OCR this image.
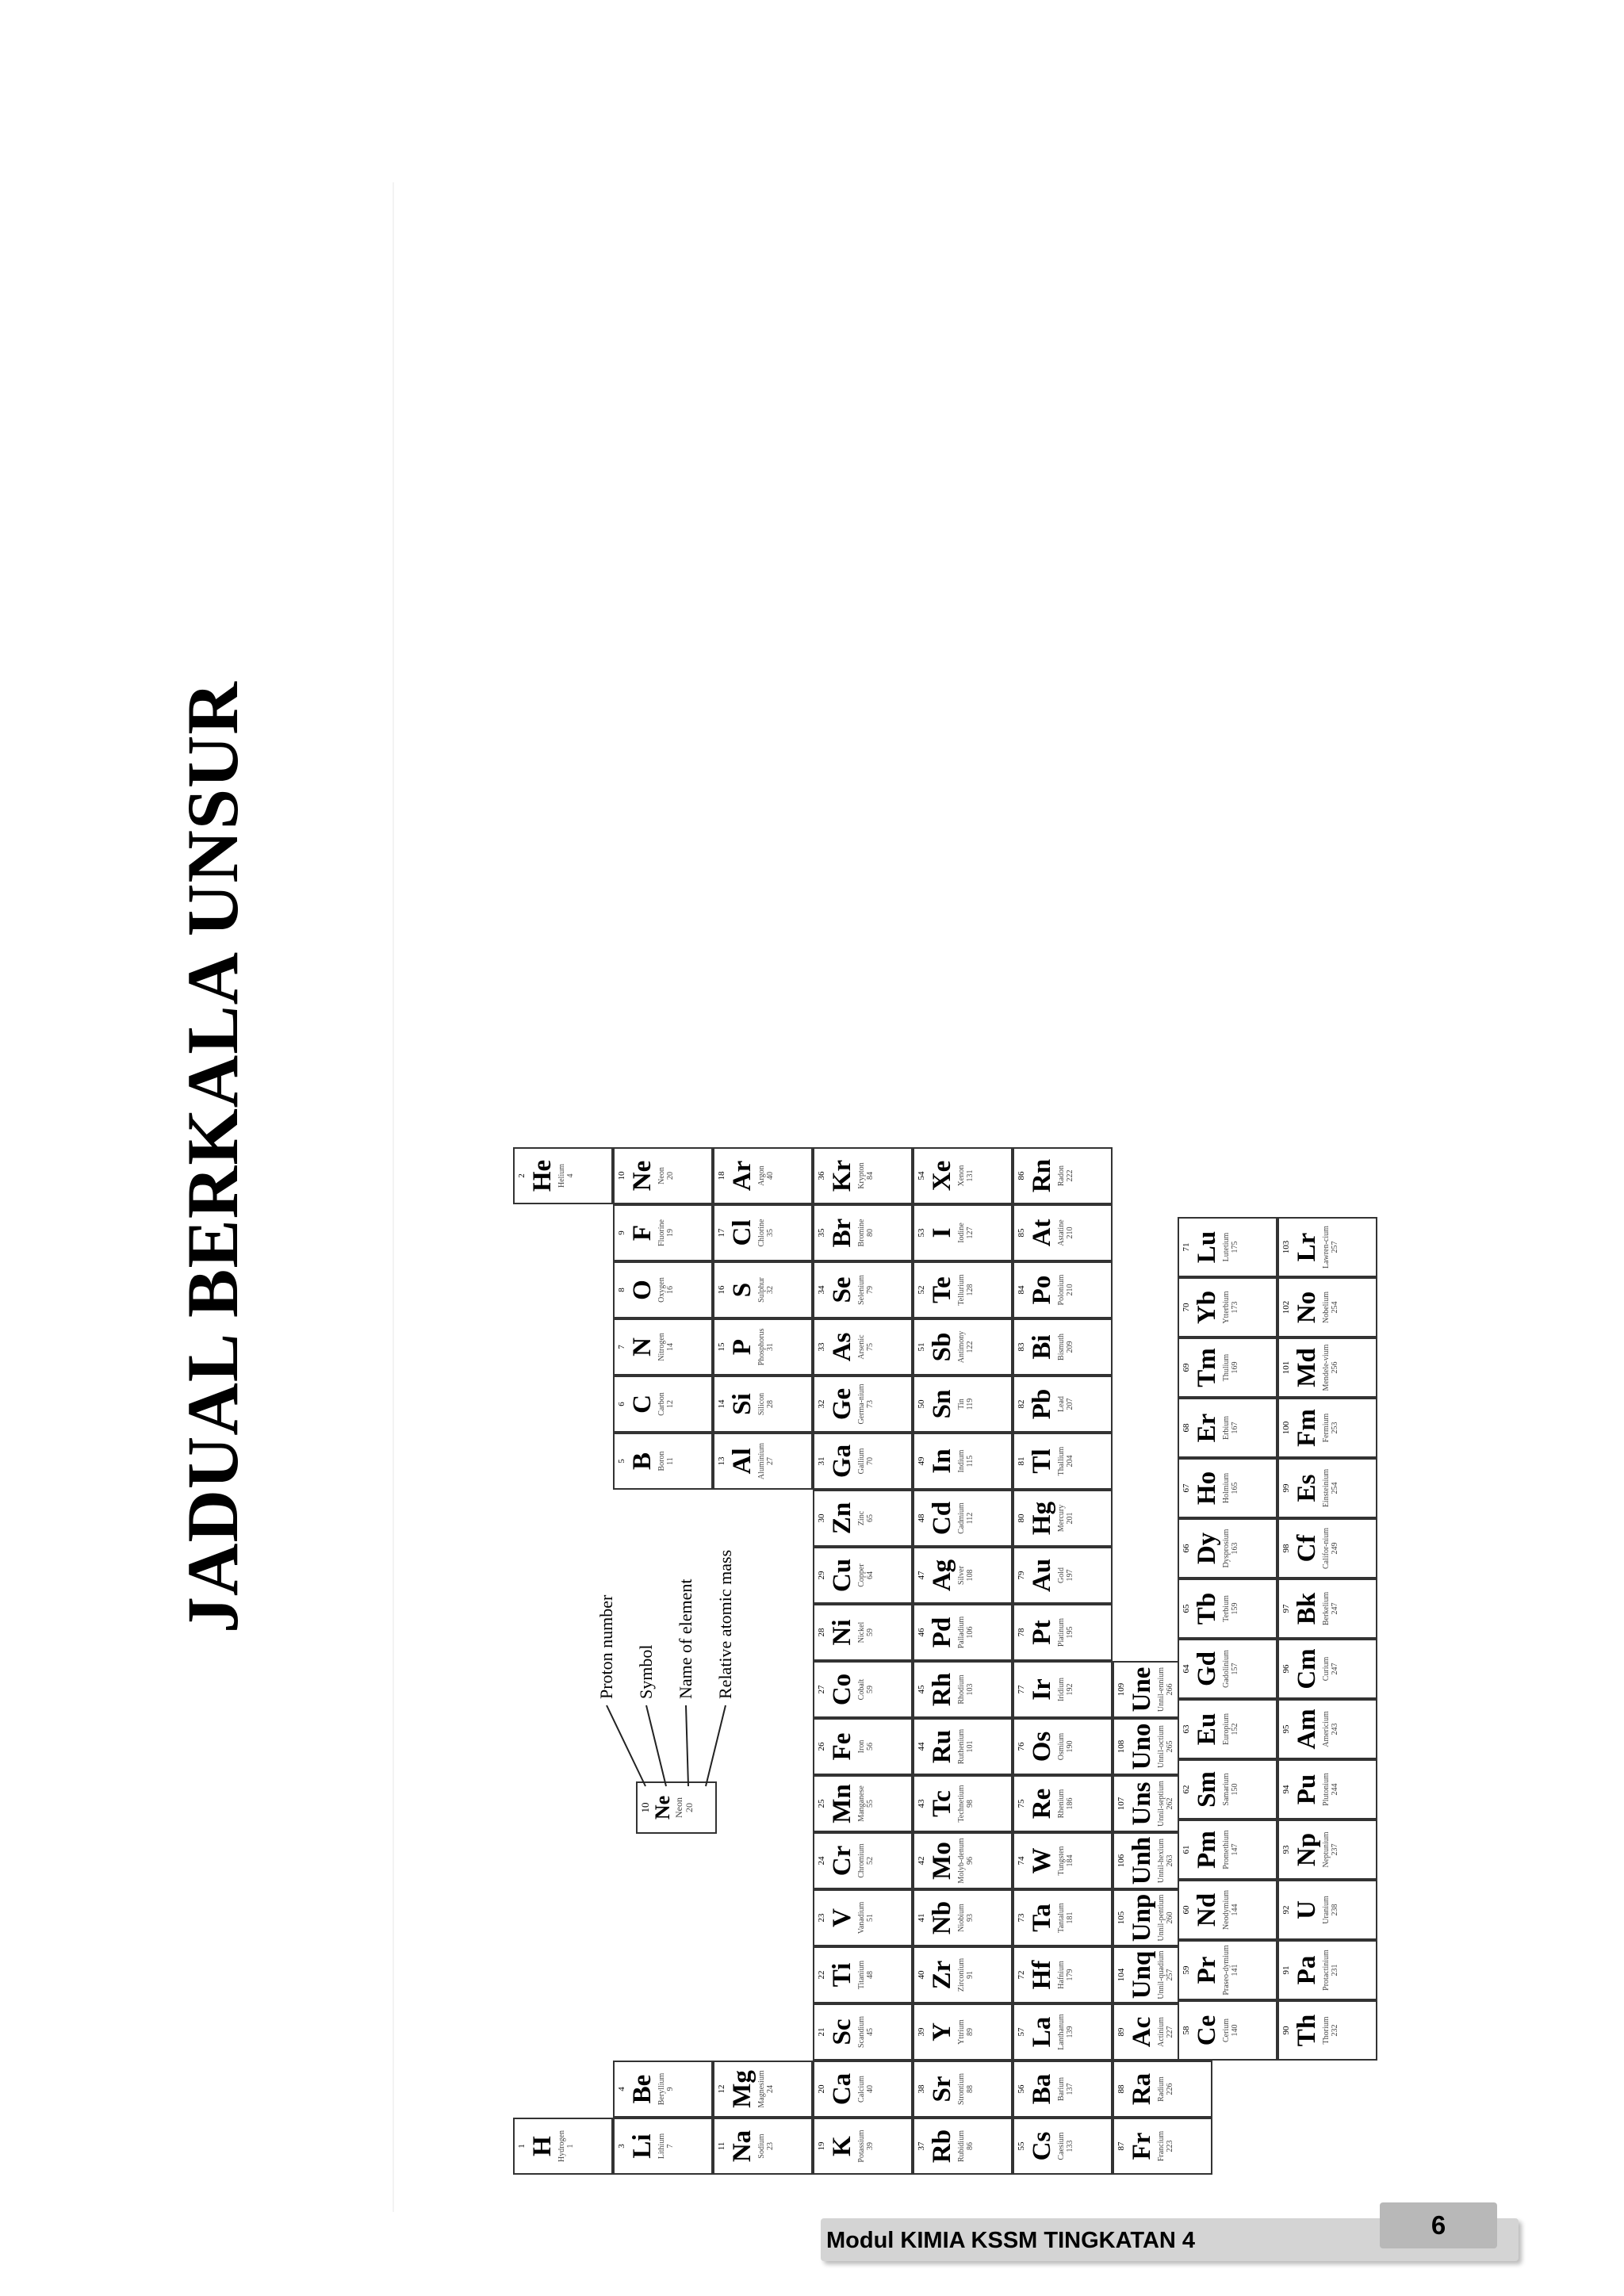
JADUAL BERKALA UNSUR
1 H Hydrogen 1
2 He Helium 4
3 Li Lithium 7
4 Be Beryllium 9
5 B Boron 11
6 C Carbon 12
7 N Nitrogen 14
8 O Oxygen 16
9 F Fluorine 19
10 Ne Neon 20
11 Na Sodium 23
12 Mg Magnesium 24
13 Al Aluminium 27
14 Si Silicon 28
15 P Phosphorus 31
16 S Sulphur 32
17 Cl Chlorine 35
18 Ar Argon 40
19 K Potassium 39
20 Ca Calcium 40
21 Sc Scandium 45
22 Ti Titanium 48
23 V Vanadium 51
24 Cr Chromium 52
25 Mn Manganese 55
26 Fe Iron 56
27 Co Cobalt 59
28 Ni Nickel 59
29 Cu Copper 64
30 Zn Zinc 65
31 Ga Gallium 70
32 Ge Germa-nium 73
33 As Arsenic 75
34 Se Selenium 79
35 Br Bromine 80
36 Kr Krypton 84
37 Rb Rubidium 86
38 Sr Strontium 88
39 Y Yttrium 89
40 Zr Zirconium 91
41 Nb Niobium 93
42 Mo Molyb-denum 96
43 Tc Technetium 98
44 Ru Ruthenium 101
45 Rh Rhodium 103
46 Pd Palladium 106
47 Ag Silver 108
48 Cd Cadmium 112
49 In Indium 115
50 Sn Tin 119
51 Sb Antimony 122
52 Te Tellurium 128
53 I Iodine 127
54 Xe Xenon 131
55 Cs Caesium 133
56 Ba Barium 137
57 La Lanthanum 139
72 Hf Hafnium 179
73 Ta Tantalum 181
74 W Tungsten 184
75 Re Rhenium 186
76 Os Osmium 190
77 Ir Iridium 192
78 Pt Platinum 195
79 Au Gold 197
80 Hg Mercury 201
81 Tl Thallium 204
82 Pb Lead 207
83 Bi Bismuth 209
84 Po Polonium 210
85 At Astatine 210
86 Rn Radon 222
87 Fr Francium 223
88 Ra Radium 226
89 Ac Actinium 227
104 Unq Unnil-quadium 257
105 Unp Unnil-pentium 260
106 Unh Unnil-hexium 263
107 Uns Unnil-septium 262
108 Uno Unnil-octium 265
109 Une Unnil-ennium 266
58 Ce Cerium 140
59 Pr Praseo-dymium 141
60 Nd Neodymium 144
61 Pm Promethium 147
62 Sm Samarium 150
63 Eu Europium 152
64 Gd Gadolinium 157
65 Tb Terbium 159
66 Dy Dysprosium 163
67 Ho Holmium 165
68 Er Erbium 167
69 Tm Thulium 169
70 Yb Ytterbium 173
71 Lu Lutetium 175
90 Th Thorium 232
91 Pa Protactinium 231
92 U Uranium 238
93 Np Neptunium 237
94 Pu Plutonium 244
95 Am Americium 243
96 Cm Curium 247
97 Bk Berkelium 247
98 Cf Califor-nium 249
99 Es Einsteinium 254
100 Fm Fermium 253
101 Md Mendele-vium 256
102 No Nobelium 254
103 Lr Lawren-cium 257
10 Ne Neon 20
Proton number Symbol Name of element Relative atomic mass
Modul KIMIA KSSM TINGKATAN 4
6
